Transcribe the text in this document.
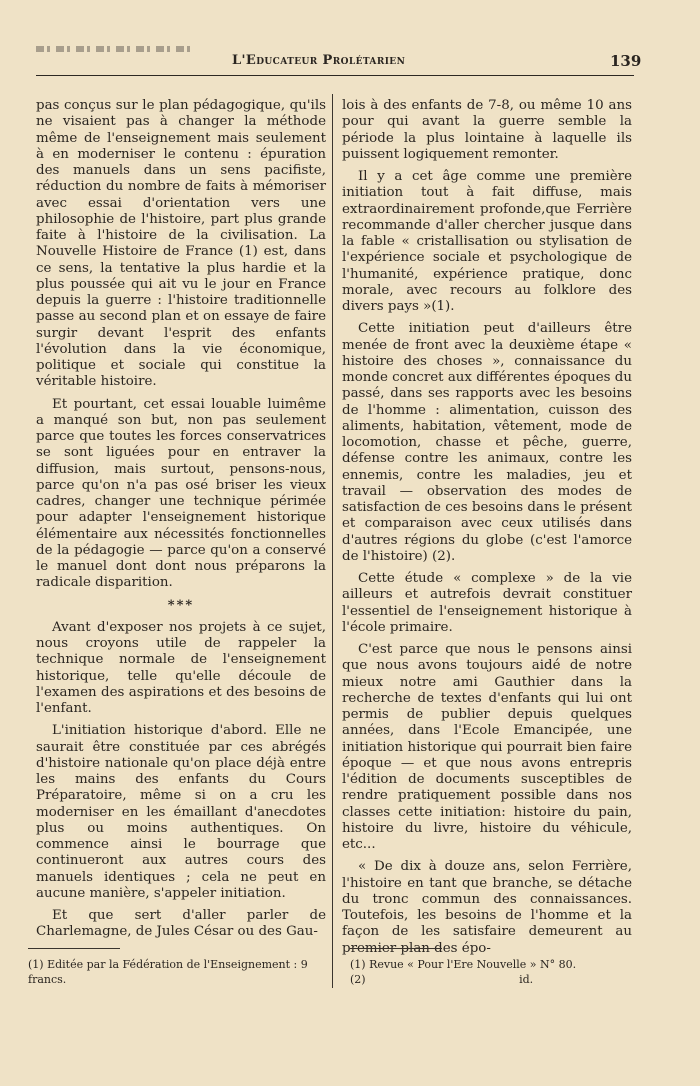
L'Educateur Prolétarien	139

pas conçus sur le plan pédagogique, qu'ils ne visaient pas à changer la méthode même de l'enseignement mais seulement à en moderniser le contenu : épuration des manuels dans un sens pacifiste, réduction du nombre de faits à mémoriser avec essai d'orientation vers une philosophie de l'histoire, part plus grande faite à l'histoire de la civilisation. La Nouvelle Histoire de France (1) est, dans ce sens, la tentative la plus hardie et la plus poussée qui ait vu le jour en France depuis la guerre : l'histoire traditionnelle passe au second plan et on essaye de faire surgir devant l'esprit des enfants l'évolution dans la vie économique, politique et sociale qui constitue la véritable histoire.

Et pourtant, cet essai louable luimême a manqué son but, non pas seulement parce que toutes les forces conservatrices se sont liguées pour en entraver la diffusion, mais surtout, pensons-nous, parce qu'on n'a pas osé briser les vieux cadres, changer une technique périmée pour adapter l'enseignement historique élémentaire aux nécessités fonctionnelles de la pédagogie — parce qu'on a conservé le manuel dont dont nous préparons la radicale disparition.

***

Avant d'exposer nos projets à ce sujet, nous croyons utile de rappeler la technique normale de l'enseignement historique, telle qu'elle découle de l'examen des aspirations et des besoins de l'enfant.

L'initiation historique d'abord. Elle ne saurait être constituée par ces abrégés d'histoire nationale qu'on place déjà entre les mains des enfants du Cours Préparatoire, même si on a cru les moderniser en les émaillant d'anecdotes plus ou moins authentiques. On commence ainsi le bourrage que continueront aux autres cours des manuels identiques ; cela ne peut en aucune manière, s'appeler initiation.

Et que sert d'aller parler de Charlemagne, de Jules César ou des Gau-

lois à des enfants de 7-8, ou même 10 ans pour qui avant la guerre semble la période la plus lointaine à laquelle ils puissent logiquement remonter.

Il y a cet âge comme une première initiation tout à fait diffuse, mais extraordinairement profonde,que Ferrière recommande d'aller chercher jusque dans la fable « cristallisation ou stylisation de l'expérience sociale et psychologique de l'humanité, expérience pratique, donc morale, avec recours au folklore des divers pays »(1).

Cette initiation peut d'ailleurs être menée de front avec la deuxième étape « histoire des choses », connaissance du monde concret aux différentes époques du passé, dans ses rapports avec les besoins de l'homme : alimentation, cuisson des aliments, habitation, vêtement, mode de locomotion, chasse et pêche, guerre, défense contre les animaux, contre les ennemis, contre les maladies, jeu et travail — observation des modes de satisfaction de ces besoins dans le présent et comparaison avec ceux utilisés dans d'autres régions du globe (c'est l'amorce de l'histoire) (2).

Cette étude « complexe » de la vie ailleurs et autrefois devrait constituer l'essentiel de l'enseignement historique à l'école primaire.

C'est parce que nous le pensons ainsi que nous avons toujours aidé de notre mieux notre ami Gauthier dans la recherche de textes d'enfants qui lui ont permis de publier depuis quelques années, dans l'Ecole Emancipée, une initiation historique qui pourrait bien faire époque — et que nous avons entrepris l'édition de documents susceptibles de rendre pratiquement possible dans nos classes cette initiation: histoire du pain, histoire du livre, histoire du véhicule, etc...

« De dix à douze ans, selon Ferrière, l'histoire en tant que branche, se détache du tronc commun des connaissances. Toutefois, les besoins de l'homme et la façon de les satisfaire demeurent au premier plan des épo-

(1) Editée par la Fédération de l'Enseignement : 9 francs.
(1) Revue « Pour l'Ere Nouvelle » N° 80.
(2)	id.
